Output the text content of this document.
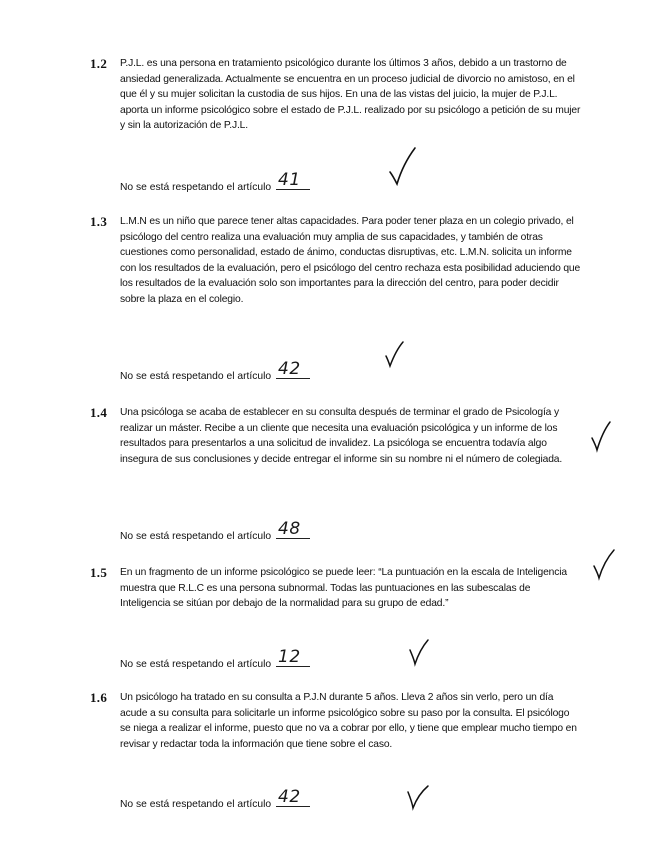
1.2 P.J.L. es una persona en tratamiento psicológico durante los últimos 3 años, debido a un trastorno de ansiedad generalizada. Actualmente se encuentra en un proceso judicial de divorcio no amistoso, en el que él y su mujer solicitan la custodia de sus hijos. En una de las vistas del juicio, la mujer de P.J.L. aporta un informe psicológico sobre el estado de P.J.L. realizado por su psicólogo a petición de su mujer y sin la autorización de P.J.L.
No se está respetando el artículo 41
1.3 L.M.N es un niño que parece tener altas capacidades. Para poder tener plaza en un colegio privado, el psicólogo del centro realiza una evaluación muy amplia de sus capacidades, y también de otras cuestiones como personalidad, estado de ánimo, conductas disruptivas, etc. L.M.N. solicita un informe con los resultados de la evaluación, pero el psicólogo del centro rechaza esta posibilidad aduciendo que los resultados de la evaluación solo son importantes para la dirección del centro, para poder decidir sobre la plaza en el colegio.
No se está respetando el artículo 42
1.4 Una psicóloga se acaba de establecer en su consulta después de terminar el grado de Psicología y realizar un máster. Recibe a un cliente que necesita una evaluación psicológica y un informe de los resultados para presentarlos a una solicitud de invalidez. La psicóloga se encuentra todavía algo insegura de sus conclusiones y decide entregar el informe sin su nombre ni el número de colegiada.
No se está respetando el artículo 48
1.5 En un fragmento de un informe psicológico se puede leer: “La puntuación en la escala de Inteligencia muestra que R.L.C es una persona subnormal. Todas las puntuaciones en las subescalas de Inteligencia se sitúan por debajo de la normalidad para su grupo de edad.”
No se está respetando el artículo 12
1.6 Un psicólogo ha tratado en su consulta a P.J.N durante 5 años. Lleva 2 años sin verlo, pero un día acude a su consulta para solicitarle un informe psicológico sobre su paso por la consulta. El psicólogo se niega a realizar el informe, puesto que no va a cobrar por ello, y tiene que emplear mucho tiempo en revisar y redactar toda la información que tiene sobre el caso.
No se está respetando el artículo 42
